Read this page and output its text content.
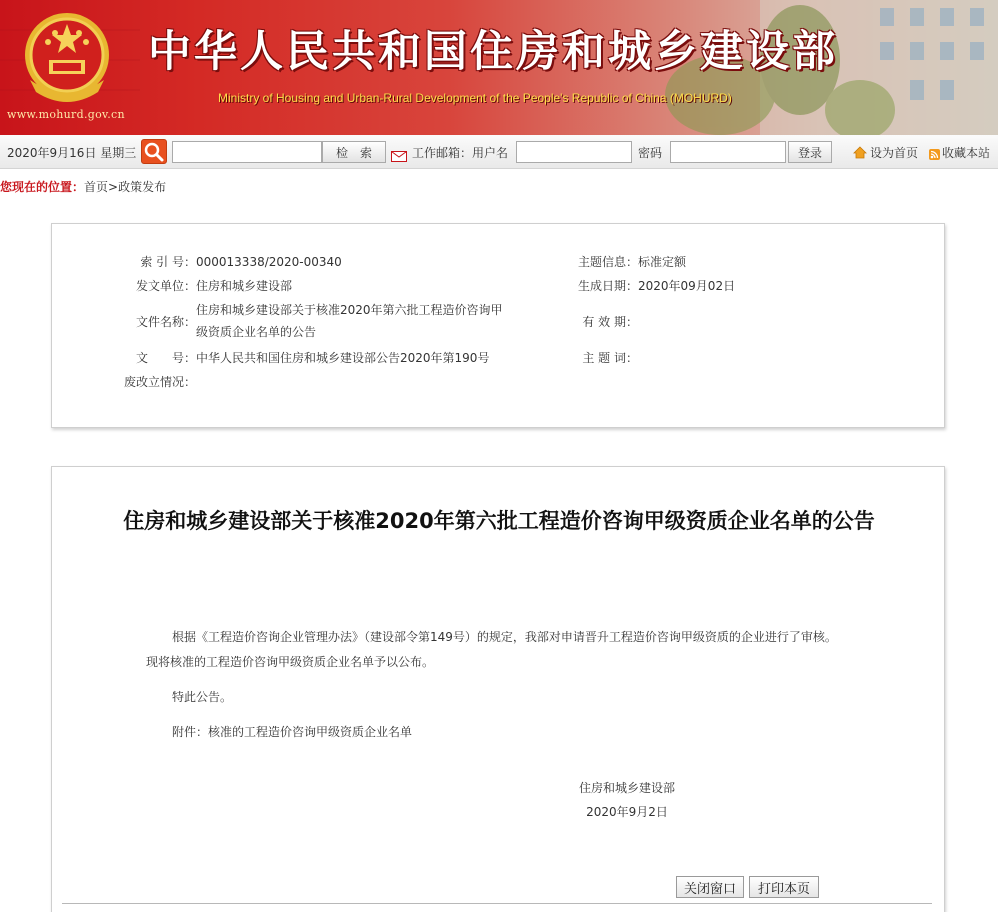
www.mohurd.gov.cn
中华人民共和国住房和城乡建设部
Ministry of Housing and Urban-Rural Development of the People's Republic of China (MOHURD)
2020年9月16日 星期三	检　索	工作邮箱：用户名	密码	登录	设为首页 收藏本站
您现在的位置：首页>政策发布
索 引 号： 000013338/2020-00340
发文单位： 住房和城乡建设部
文件名称：
住房和城乡建设部关于核准2020年第六批工程造价咨询甲级资质企业名单的公告
文　　号： 中华人民共和国住房和城乡建设部公告2020年第190号
废改立情况：
主题信息： 标准定额
生成日期： 2020年09月02日
有 效 期：
主 题 词：
住房和城乡建设部关于核准2020年第六批工程造价咨询甲级资质企业名单的公告

根据《工程造价咨询企业管理办法》（建设部令第149号）的规定，我部对申请晋升工程造价咨询甲级资质的企业进行了审核。现将核准的工程造价咨询甲级资质企业名单予以公布。

特此公告。

附件：核准的工程造价咨询甲级资质企业名单

住房和城乡建设部
2020年9月2日
关闭窗口	打印本页
